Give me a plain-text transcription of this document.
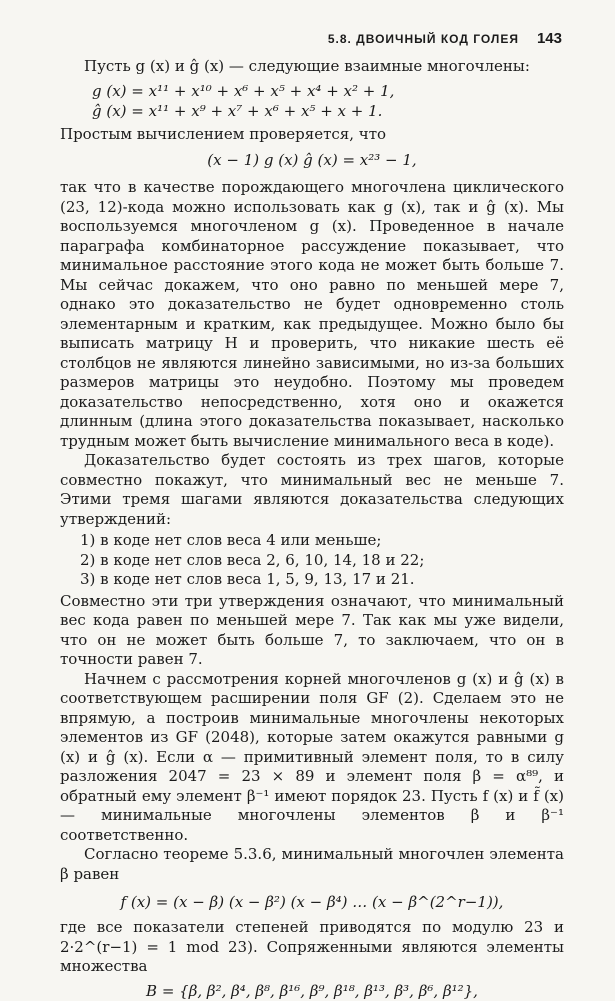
5.8. ДВОИЧНЫЙ КОД ГОЛЕЯ 143

Пусть g (x) и ĝ (x) — следующие взаимные многочлены:

g (x) = x¹¹ + x¹⁰ + x⁶ + x⁵ + x⁴ + x² + 1,
ĝ (x) = x¹¹ + x⁹ + x⁷ + x⁶ + x⁵ + x + 1.

Простым вычислением проверяется, что

(x − 1) g (x) ĝ (x) = x²³ − 1,

так что в качестве порождающего многочлена циклического (23, 12)-кода можно использовать как g (x), так и ĝ (x). Мы воспользуемся многочленом g (x). Проведенное в начале параграфа комбинаторное рассуждение показывает, что минимальное расстояние этого кода не может быть больше 7. Мы сейчас докажем, что оно равно по меньшей мере 7, однако это доказательство не будет одновременно столь элементарным и кратким, как предыдущее. Можно было бы выписать матрицу H и проверить, что никакие шесть её столбцов не являются линейно зависимыми, но из-за больших размеров матрицы это неудобно. Поэтому мы проведем доказательство непосредственно, хотя оно и окажется длинным (длина этого доказательства показывает, насколько трудным может быть вычисление минимального веса в коде).

Доказательство будет состоять из трех шагов, которые совместно покажут, что минимальный вес не меньше 7. Этими тремя шагами являются доказательства следующих утверждений:

1) в коде нет слов веса 4 или меньше;
2) в коде нет слов веса 2, 6, 10, 14, 18 и 22;
3) в коде нет слов веса 1, 5, 9, 13, 17 и 21.

Совместно эти три утверждения означают, что минимальный вес кода равен по меньшей мере 7. Так как мы уже видели, что он не может быть больше 7, то заключаем, что он в точности равен 7.

Начнем с рассмотрения корней многочленов g (x) и ĝ (x) в соответствующем расширении поля GF (2). Сделаем это не впрямую, а построив минимальные многочлены некоторых элементов из GF (2048), которые затем окажутся равными g (x) и ĝ (x). Если α — примитивный элемент поля, то в силу разложения 2047 = 23 × 89 и элемент поля β = α⁸⁹, и обратный ему элемент β⁻¹ имеют порядок 23. Пусть f (x) и f̃ (x) — минимальные многочлены элементов β и β⁻¹ соответственно.

Согласно теореме 5.3.6, минимальный многочлен элемента β равен

f (x) = (x − β) (x − β²) (x − β⁴) … (x − β^(2^r−1)),

где все показатели степеней приводятся по модулю 23 и 2·2^(r−1) = 1 mod 23). Сопряженными являются элементы множества

B = {β, β², β⁴, β⁸, β¹⁶, β⁹, β¹⁸, β¹³, β³, β⁶, β¹²},
